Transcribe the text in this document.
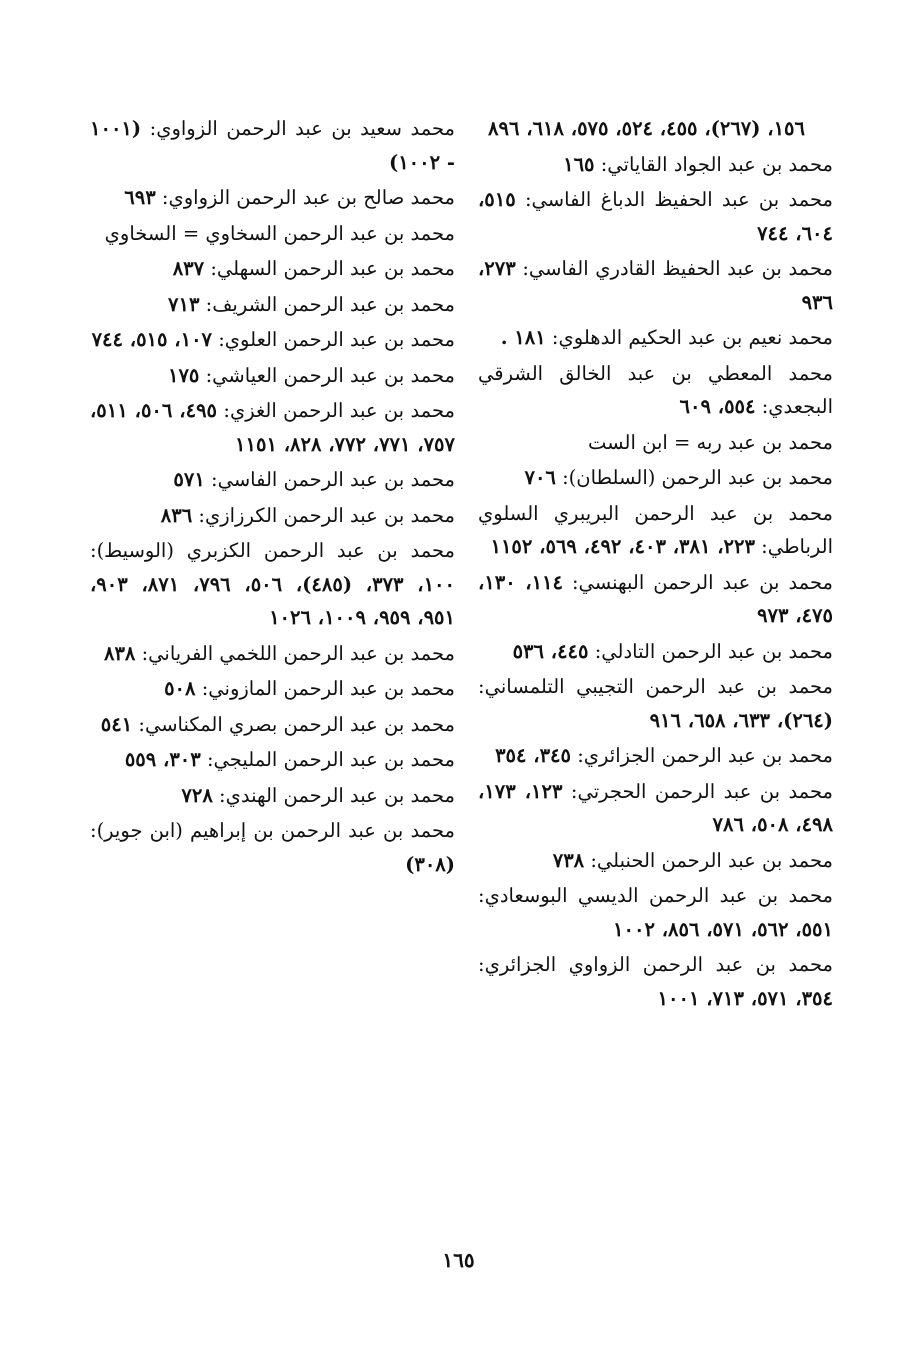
١٥٦، (٢٦٧)، ٤٥٥، ٥٢٤، ٥٧٥، ٦١٨، ٨٩٦
محمد بن عبد الجواد القاياتي: ١٦٥
محمد بن عبد الحفيظ الدباغ الفاسي: ٥١٥، ٦٠٤، ٧٤٤
محمد بن عبد الحفيظ القادري الفاسي: ٢٧٣، ٩٣٦
محمد نعيم بن عبد الحكيم الدهلوي: ١٨١ .
محمد المعطي بن عبد الخالق الشرقي البجعدي: ٥٥٤، ٦٠٩
محمد بن عبد ربه = ابن الست
محمد بن عبد الرحمن (السلطان): ٧٠٦
محمد بن عبد الرحمن البريبري السلوي الرباطي: ٢٢٣، ٣٨١، ٤٠٣، ٤٩٢، ٥٦٩، ١١٥٢
محمد بن عبد الرحمن البهنسي: ١١٤، ١٣٠، ٤٧٥، ٩٧٣
محمد بن عبد الرحمن التادلي: ٤٤٥، ٥٣٦
محمد بن عبد الرحمن التجيبي التلمساني: (٢٦٤)، ٦٣٣، ٦٥٨، ٩١٦
محمد بن عبد الرحمن الجزائري: ٣٤٥، ٣٥٤
محمد بن عبد الرحمن الحجرتي: ١٢٣، ١٧٣، ٤٩٨، ٥٠٨، ٧٨٦
محمد بن عبد الرحمن الحنبلي: ٧٣٨
محمد بن عبد الرحمن الديسي البوسعادي: ٥٥١، ٥٦٢، ٥٧١، ٨٥٦، ١٠٠٢
محمد بن عبد الرحمن الزواوي الجزائري: ٣٥٤، ٥٧١، ٧١٣، ١٠٠١
محمد سعيد بن عبد الرحمن الزواوي: (١٠٠١ - ١٠٠٢)
محمد صالح بن عبد الرحمن الزواوي: ٦٩٣
محمد بن عبد الرحمن السخاوي = السخاوي
محمد بن عبد الرحمن السهلي: ٨٣٧
محمد بن عبد الرحمن الشريف: ٧١٣
محمد بن عبد الرحمن العلوي: ١٠٧، ٥١٥، ٧٤٤
محمد بن عبد الرحمن العياشي: ١٧٥
محمد بن عبد الرحمن الغزي: ٤٩٥، ٥٠٦، ٥١١، ٧٥٧، ٧٧١، ٧٧٢، ٨٢٨، ١١٥١
محمد بن عبد الرحمن الفاسي: ٥٧١
محمد بن عبد الرحمن الكرزازي: ٨٣٦
محمد بن عبد الرحمن الكزبري (الوسيط): ١٠٠، ٣٧٣، (٤٨٥)، ٥٠٦، ٧٩٦، ٨٧١، ٩٠٣، ٩٥١، ٩٥٩، ١٠٠٩، ١٠٢٦
محمد بن عبد الرحمن اللخمي الفرياني: ٨٣٨
محمد بن عبد الرحمن المازوني: ٥٠٨
محمد بن عبد الرحمن بصري المكناسي: ٥٤١
محمد بن عبد الرحمن المليجي: ٣٠٣، ٥٥٩
محمد بن عبد الرحمن الهندي: ٧٢٨
محمد بن عبد الرحمن بن إبراهيم (ابن جوير): (٣٠٨)
١٦٥
